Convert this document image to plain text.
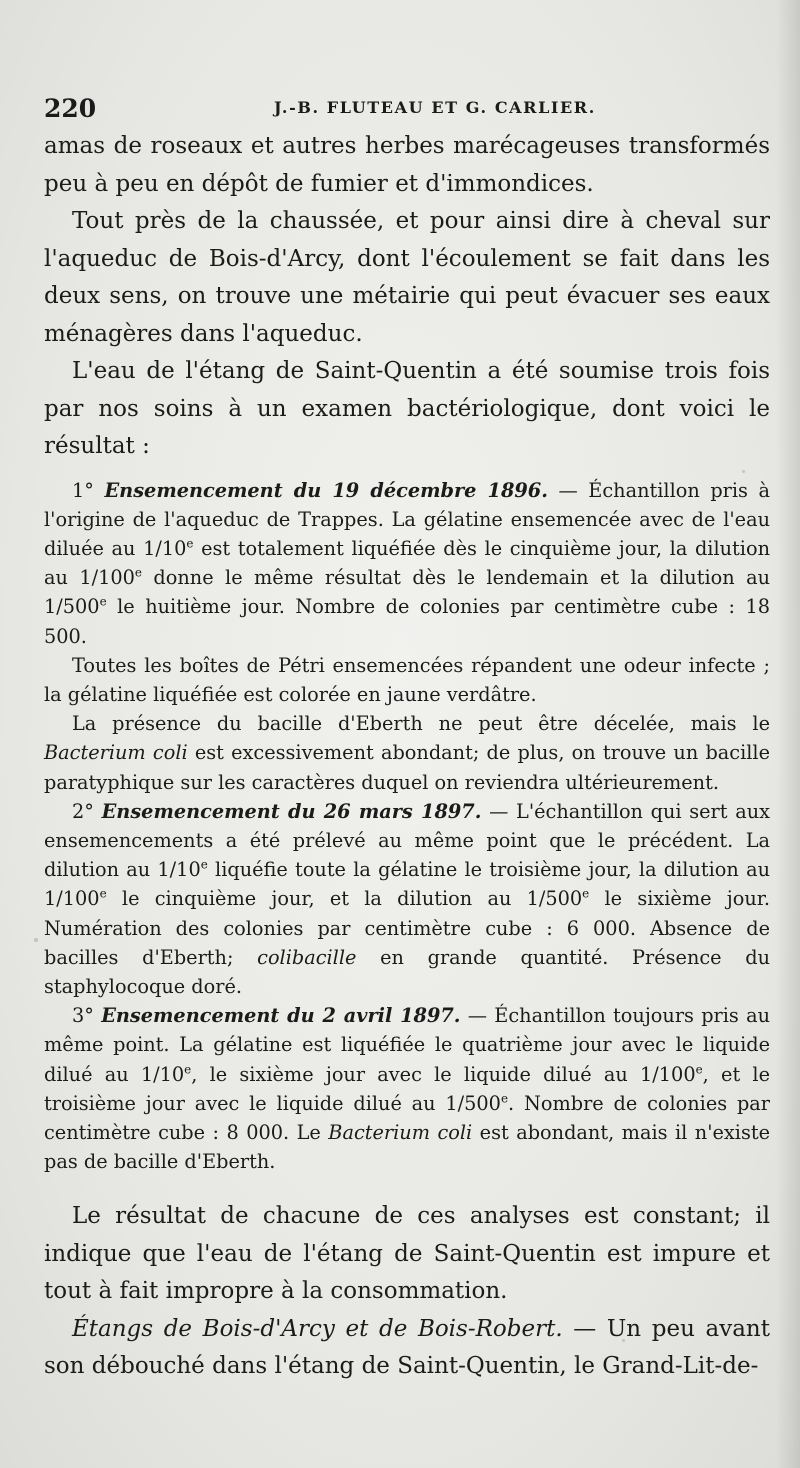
220	J.-B. FLUTEAU ET G. CARLIER.

amas de roseaux et autres herbes marécageuses transformés peu à peu en dépôt de fumier et d'immondices.

Tout près de la chaussée, et pour ainsi dire à cheval sur l'aqueduc de Bois-d'Arcy, dont l'écoulement se fait dans les deux sens, on trouve une métairie qui peut évacuer ses eaux ménagères dans l'aqueduc.

L'eau de l'étang de Saint-Quentin a été soumise trois fois par nos soins à un examen bactériologique, dont voici le résultat :

1° Ensemencement du 19 décembre 1896. — Échantillon pris à l'origine de l'aqueduc de Trappes. La gélatine ensemencée avec de l'eau diluée au 1/10e est totalement liquéfiée dès le cinquième jour, la dilution au 1/100e donne le même résultat dès le lendemain et la dilution au 1/500e le huitième jour. Nombre de colonies par centimètre cube : 18 500.

Toutes les boîtes de Pétri ensemencées répandent une odeur infecte ; la gélatine liquéfiée est colorée en jaune verdâtre.

La présence du bacille d'Eberth ne peut être décelée, mais le Bacterium coli est excessivement abondant; de plus, on trouve un bacille paratyphique sur les caractères duquel on reviendra ultérieurement.

2° Ensemencement du 26 mars 1897. — L'échantillon qui sert aux ensemencements a été prélevé au même point que le précédent. La dilution au 1/10e liquéfie toute la gélatine le troisième jour, la dilution au 1/100e le cinquième jour, et la dilution au 1/500e le sixième jour. Numération des colonies par centimètre cube : 6 000. Absence de bacilles d'Eberth; colibacille en grande quantité. Présence du staphylocoque doré.

3° Ensemencement du 2 avril 1897. — Échantillon toujours pris au même point. La gélatine est liquéfiée le quatrième jour avec le liquide dilué au 1/10e, le sixième jour avec le liquide dilué au 1/100e, et le troisième jour avec le liquide dilué au 1/500e. Nombre de colonies par centimètre cube : 8 000. Le Bacterium coli est abondant, mais il n'existe pas de bacille d'Eberth.

Le résultat de chacune de ces analyses est constant; il indique que l'eau de l'étang de Saint-Quentin est impure et tout à fait impropre à la consommation.

Étangs de Bois-d'Arcy et de Bois-Robert. — Un peu avant son débouché dans l'étang de Saint-Quentin, le Grand-Lit-de-
